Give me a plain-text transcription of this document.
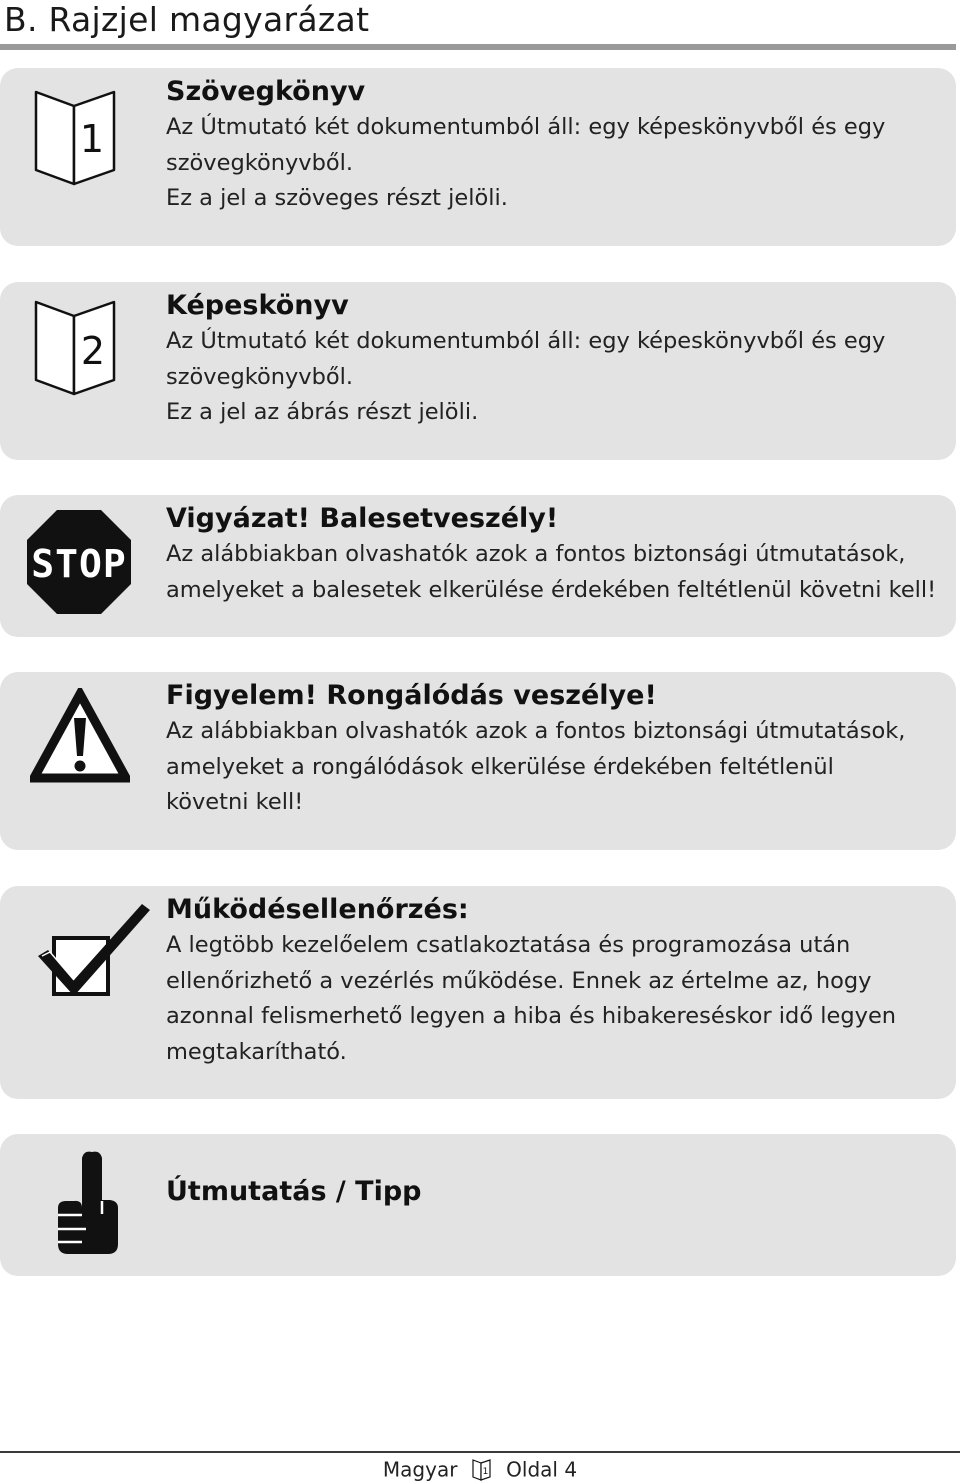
B. Rajzjel magyarázat
1
Szövegkönyv

Az Útmutató két dokumentumból áll: egy képeskönyvből és egy
szövegkönyvből.
Ez a jel a szöveges részt jelöli.

2
Képeskönyv

Az Útmutató két dokumentumból áll: egy képeskönyvből és egy
szövegkönyvből.
Ez a jel az ábrás részt jelöli.

STOP
Vigyázat! Balesetveszély!

Az alábbiakban olvashatók azok a fontos biztonsági útmutatások,
amelyeket a balesetek elkerülése érdekében feltétlenül követni kell!

Figyelem! Rongálódás veszélye!

Az alábbiakban olvashatók azok a fontos biztonsági útmutatások,
amelyeket a rongálódások elkerülése érdekében feltétlenül
követni kell!

Működésellenőrzés:

A legtöbb kezelőelem csatlakoztatása és programozása után
ellenőrizhető a vezérlés működése. Ennek az értelme az, hogy
azonnal felismerhető legyen a hiba és hibakereséskor idő legyen
megtakarítható.

Útmutatás / Tipp
Magyar	1 Oldal 4
